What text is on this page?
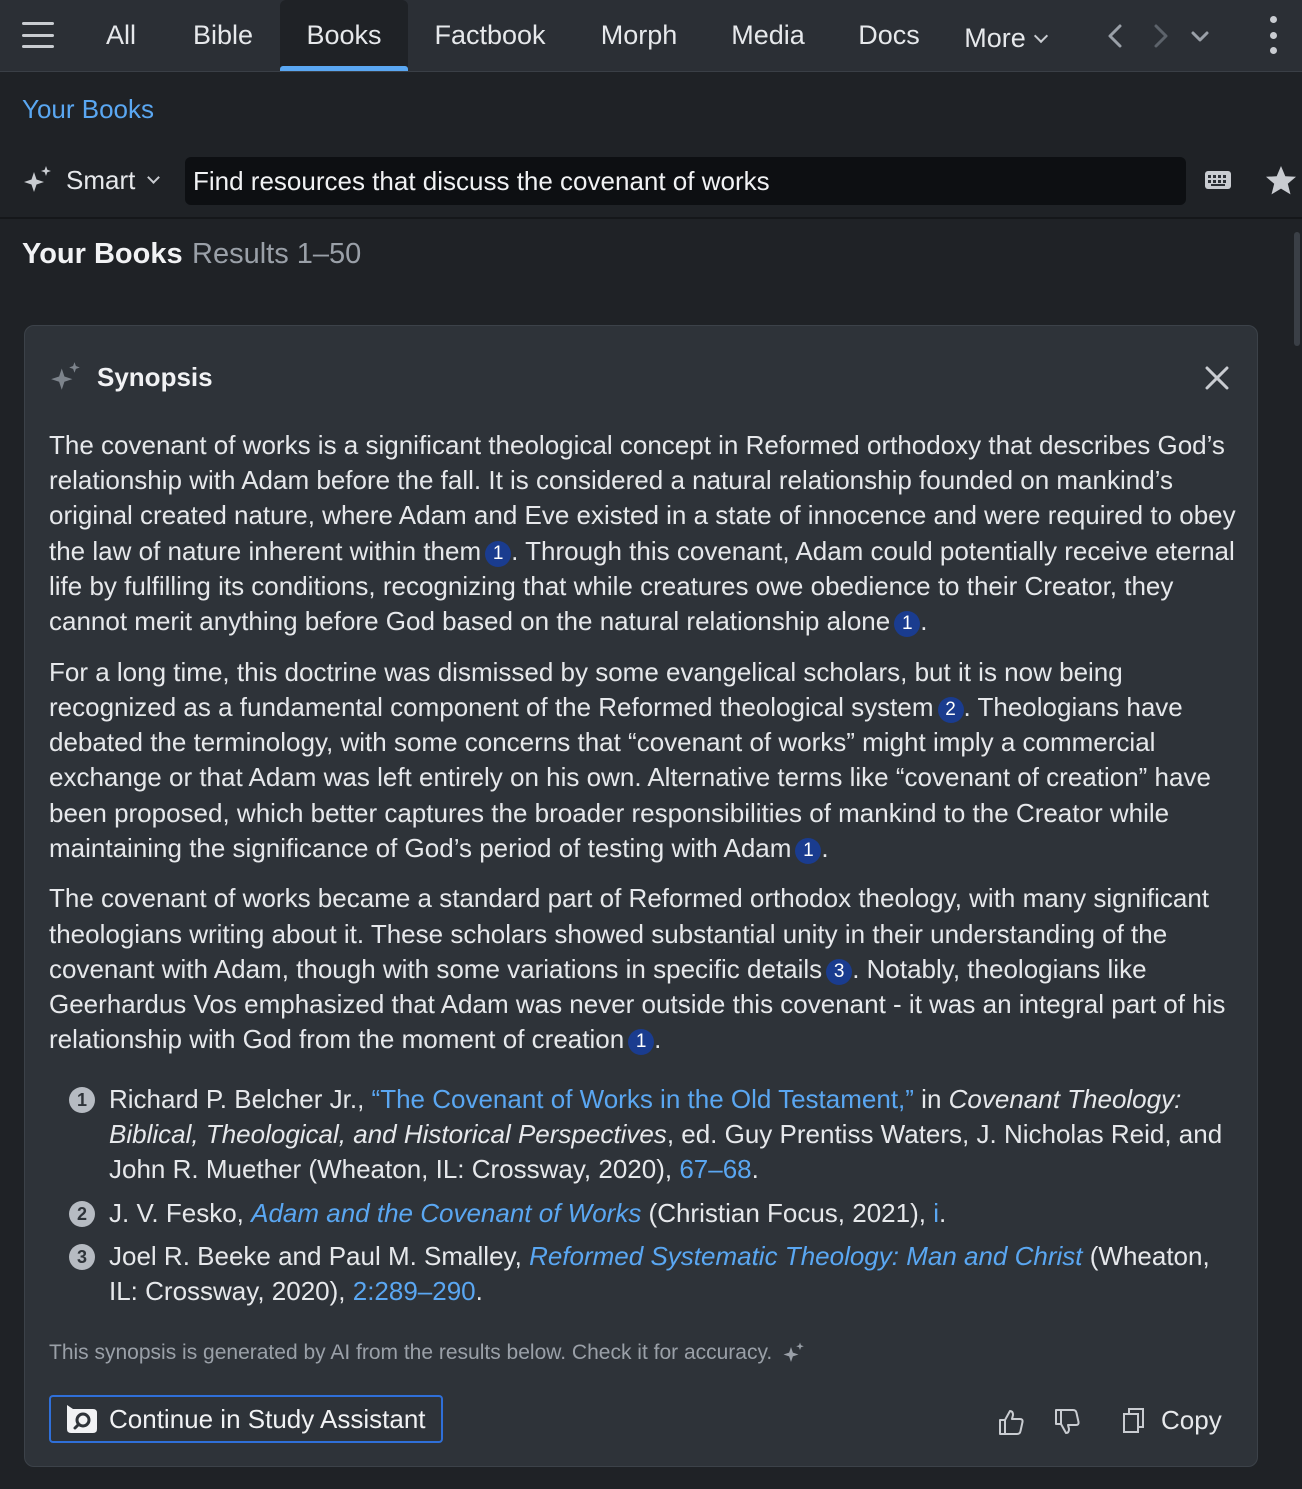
All Bible Books Factbook Morph Media Docs More
Your Books
Smart
Find resources that discuss the covenant of works
Your Books Results 1–50
Synopsis

The covenant of works is a significant theological concept in Reformed orthodoxy that describes God’s relationship with Adam before the fall. It is considered a natural relationship founded on mankind’s original created nature, where Adam and Eve existed in a state of innocence and were required to obey the law of nature inherent within them 1 . Through this covenant, Adam could potentially receive eternal life by fulfilling its conditions, recognizing that while creatures owe obedience to their Creator, they cannot merit anything before God based on the natural relationship alone 1 .

For a long time, this doctrine was dismissed by some evangelical scholars, but it is now being recognized as a fundamental component of the Reformed theological system 2 . Theologians have debated the terminology, with some concerns that “covenant of works” might imply a commercial exchange or that Adam was left entirely on his own. Alternative terms like “covenant of creation” have been proposed, which better captures the broader responsibilities of mankind to the Creator while maintaining the significance of God’s period of testing with Adam 1 .

The covenant of works became a standard part of Reformed orthodox theology, with many significant theologians writing about it. These scholars showed substantial unity in their understanding of the covenant with Adam, though with some variations in specific details 3 . Notably, theologians like Geerhardus Vos emphasized that Adam was never outside this covenant - it was an integral part of his relationship with God from the moment of creation 1 .

1 Richard P. Belcher Jr., “The Covenant of Works in the Old Testament,” in Covenant Theology: Biblical, Theological, and Historical Perspectives, ed. Guy Prentiss Waters, J. Nicholas Reid, and John R. Muether (Wheaton, IL: Crossway, 2020), 67–68.
2 J. V. Fesko, Adam and the Covenant of Works (Christian Focus, 2021), i.
3 Joel R. Beeke and Paul M. Smalley, Reformed Systematic Theology: Man and Christ (Wheaton, IL: Crossway, 2020), 2:289–290.
This synopsis is generated by AI from the results below. Check it for accuracy.
Continue in Study Assistant	Copy
